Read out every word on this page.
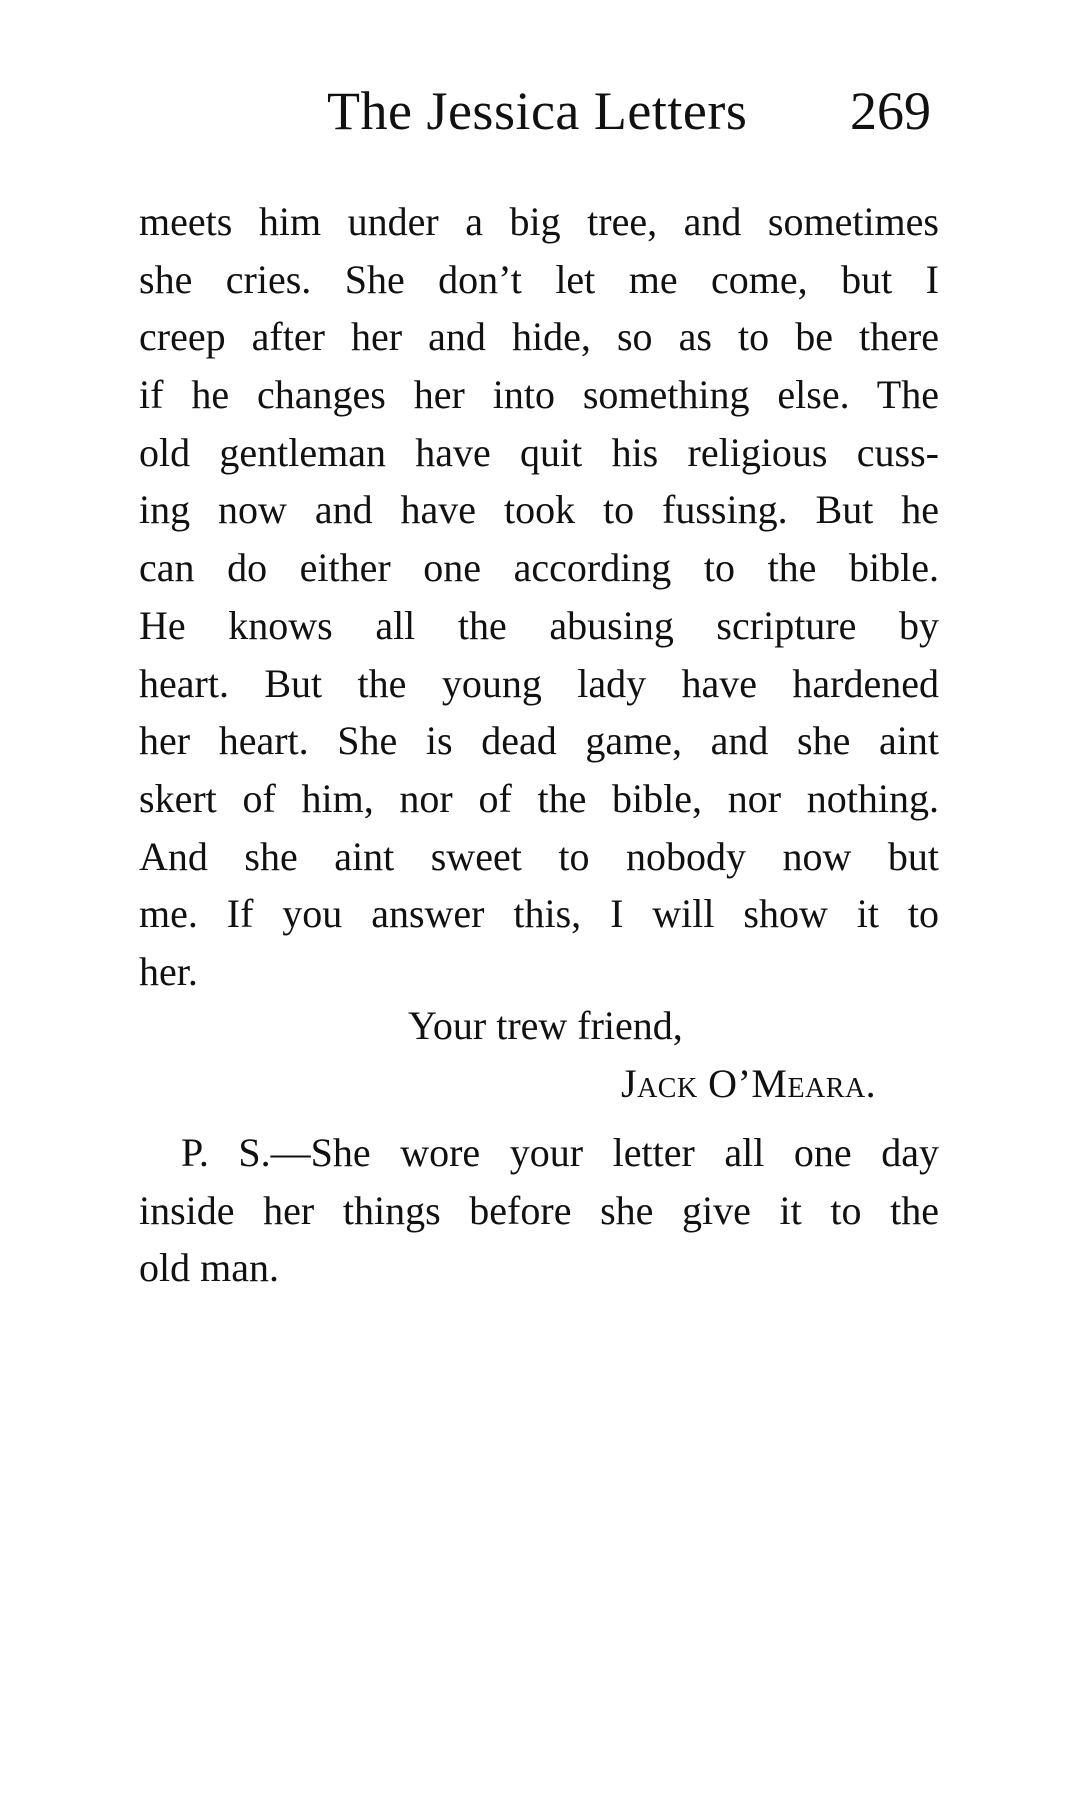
The Jessica Letters 269
meets him under a big tree, and sometimes
she cries. She don’t let me come, but I
creep after her and hide, so as to be there
if he changes her into something else. The
old gentleman have quit his religious cuss-
ing now and have took to fussing. But he
can do either one according to the bible.
He knows all the abusing scripture by
heart. But the young lady have hardened
her heart. She is dead game, and she aint
skert of him, nor of the bible, nor nothing.
And she aint sweet to nobody now but
me. If you answer this, I will show it to
her.
Your trew friend,
Jack O’Meara.
P. S.—She wore your letter all one day
inside her things before she give it to the
old man.
